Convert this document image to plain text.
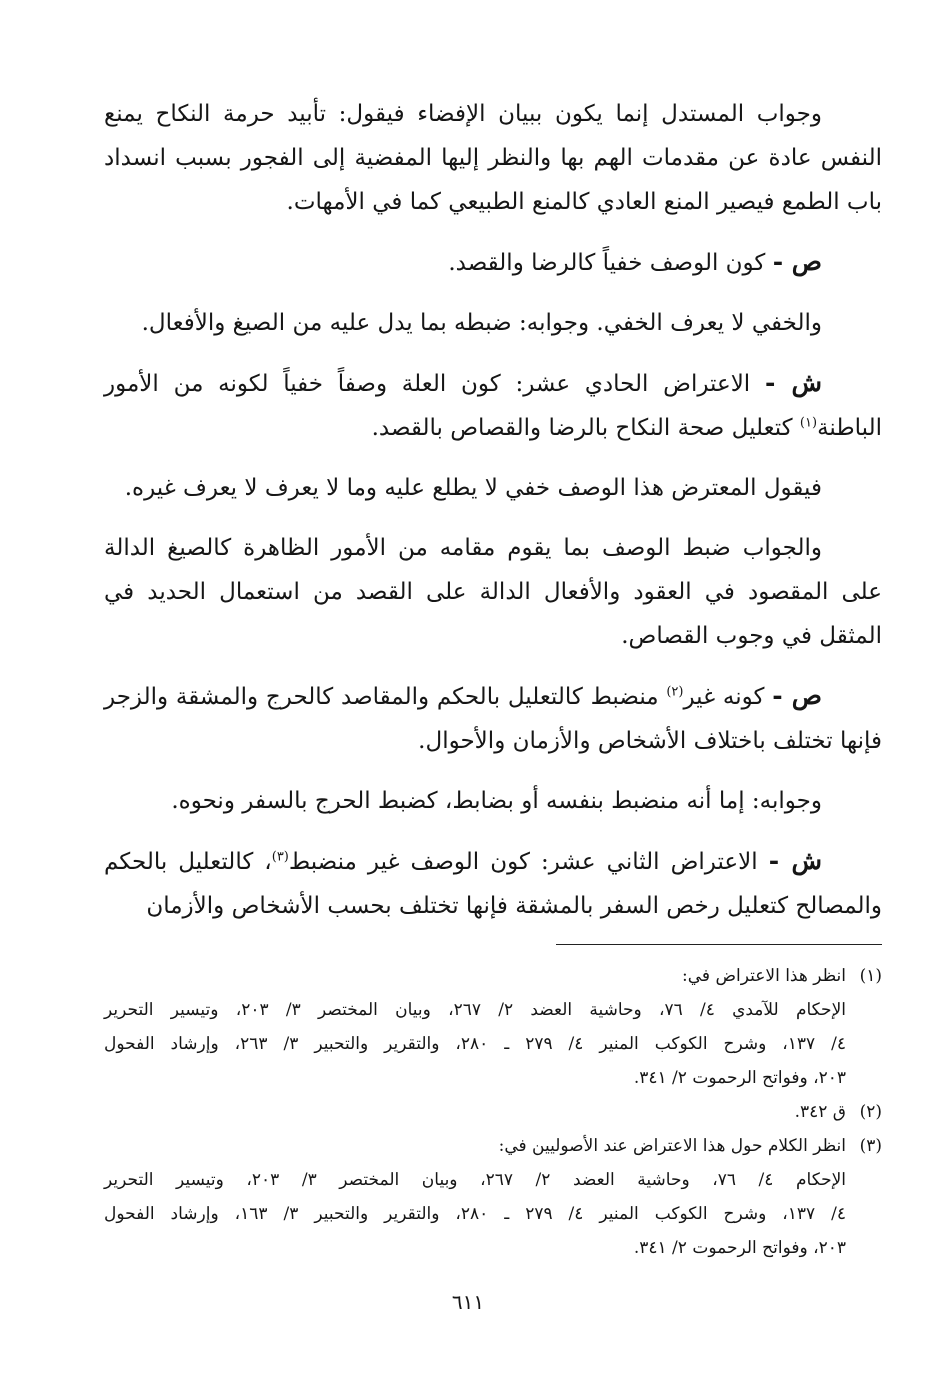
وجواب المستدل إنما يكون ببيان الإفضاء فيقول: تأبيد حرمة النكاح يمنع النفس عادة عن مقدمات الهم بها والنظر إليها المفضية إلى الفجور بسبب انسداد باب الطمع فيصير المنع العادي كالمنع الطبيعي كما في الأمهات.

ص - كون الوصف خفياً كالرضا والقصد.

والخفي لا يعرف الخفي. وجوابه: ضبطه بما يدل عليه من الصيغ والأفعال.

ش - الاعتراض الحادي عشر: كون العلة وصفاً خفياً لكونه من الأمور الباطنة$^{(١)}$ كتعليل صحة النكاح بالرضا والقصاص بالقصد.

فيقول المعترض هذا الوصف خفي لا يطلع عليه وما لا يعرف لا يعرف غيره.

والجواب ضبط الوصف بما يقوم مقامه من الأمور الظاهرة كالصيغ الدالة على المقصود في العقود والأفعال الدالة على القصد من استعمال الحديد في المثقل في وجوب القصاص.

ص - كونه غير$^{(٢)}$ منضبط كالتعليل بالحكم والمقاصد كالحرج والمشقة والزجر فإنها تختلف باختلاف الأشخاص والأزمان والأحوال.

وجوابه: إما أنه منضبط بنفسه أو بضابط، كضبط الحرج بالسفر ونحوه.

ش - الاعتراض الثاني عشر: كون الوصف غير منضبط$^{(٣)}$، كالتعليل بالحكم والمصالح كتعليل رخص السفر بالمشقة فإنها تختلف بحسب الأشخاص والأزمان

(١)
انظر هذا الاعتراض في:
الإحكام للآمدي ٤/ ٧٦، وحاشية العضد ٢/ ٢٦٧، وبيان المختصر ٣/ ٢٠٣، وتيسير التحرير
٤/ ١٣٧، وشرح الكوكب المنير ٤/ ٢٧٩ ـ ٢٨٠، والتقرير والتحبير ٣/ ٢٦٣، وإرشاد الفحول
٢٠٣، وفواتح الرحموت ٢/ ٣٤١.
(٢)
ق ٣٤٢.
(٣)
انظر الكلام حول هذا الاعتراض عند الأصوليين في:
الإحكام ٤/ ٧٦، وحاشية العضد ٢/ ٢٦٧، وبيان المختصر ٣/ ٢٠٣، وتيسير التحرير
٤/ ١٣٧، وشرح الكوكب المنير ٤/ ٢٧٩ ـ ٢٨٠، والتقرير والتحبير ٣/ ١٦٣، وإرشاد الفحول
٢٠٣، وفواتح الرحموت ٢/ ٣٤١.
٦١١
